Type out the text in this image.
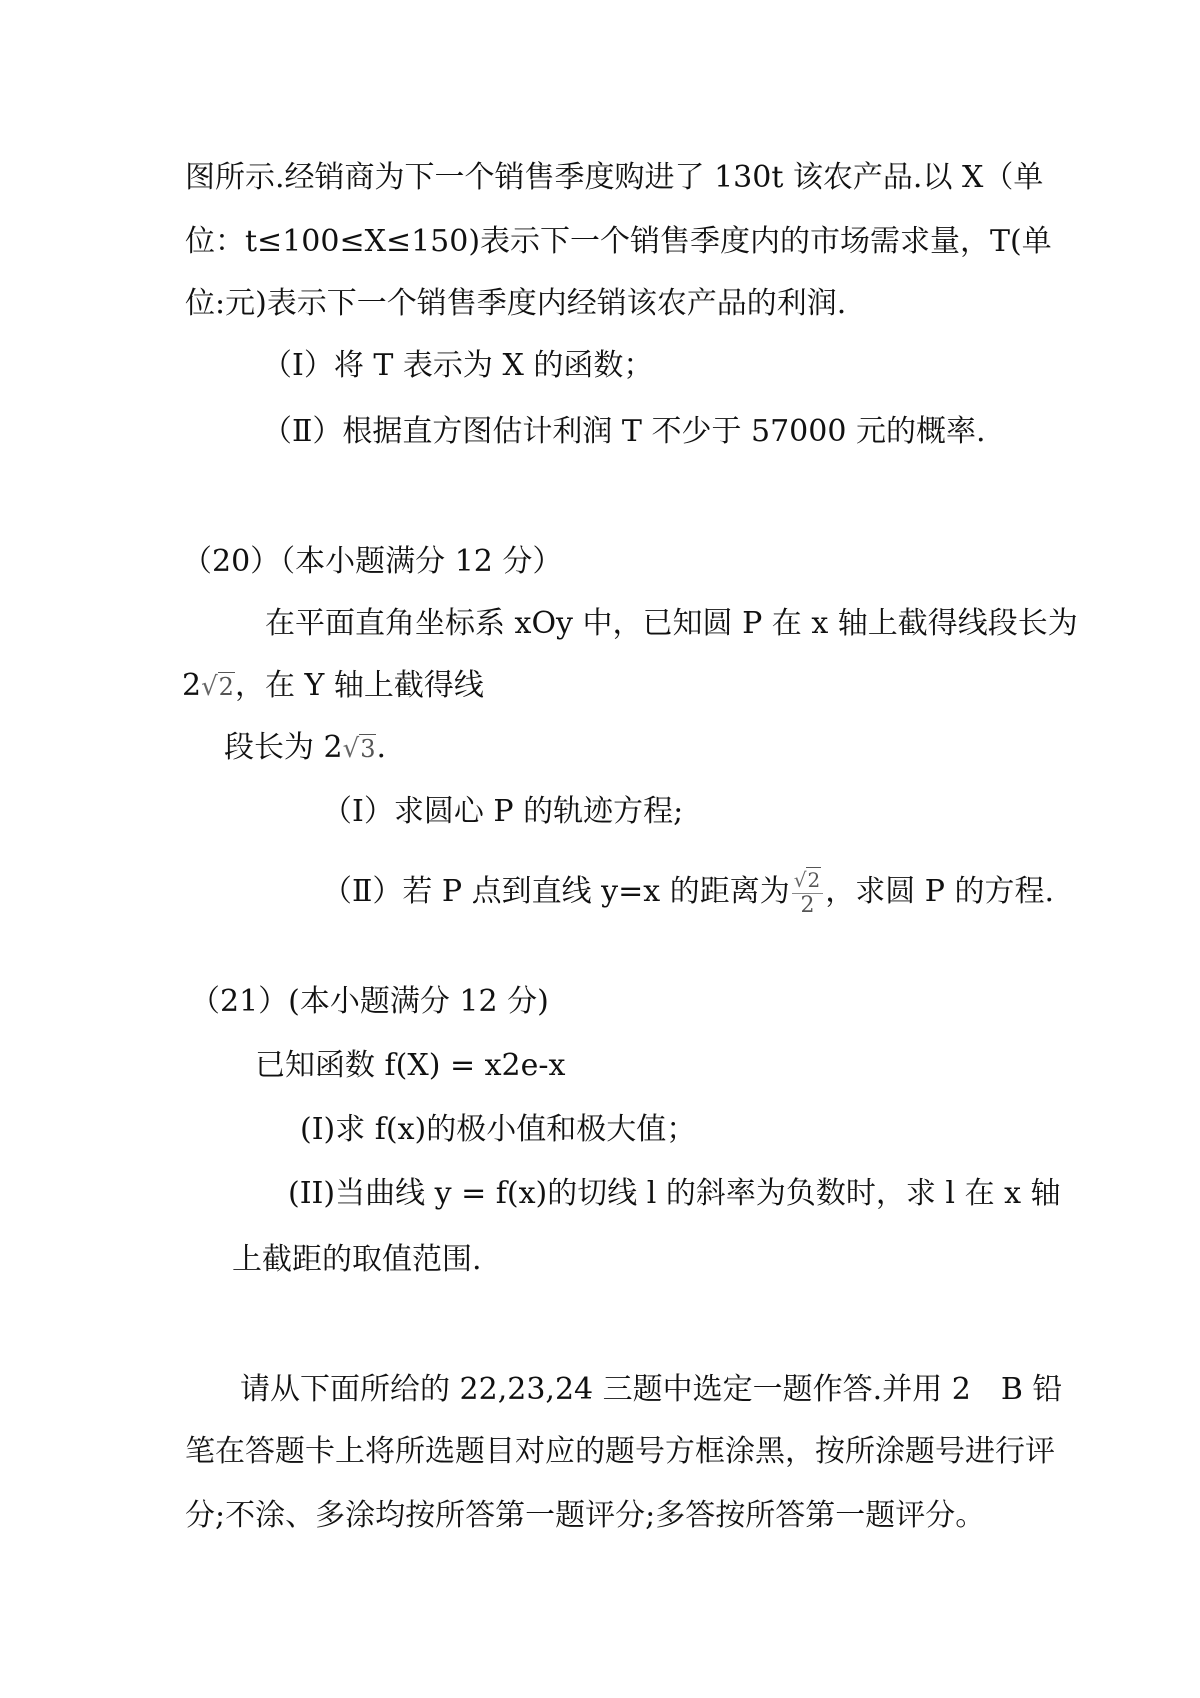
图所示.经销商为下一个销售季度购进了 130t 该农产品.以 X（单
位：t≤100≤X≤150)表示下一个销售季度内的市场需求量，T(单
位:元)表示下一个销售季度内经销该农产品的利润.
（Ⅰ）将 T 表示为 X 的函数；
（Ⅱ）根据直方图估计利润 T 不少于 57000 元的概率.
（20）（本小题满分 12 分）
在平面直角坐标系 xOy 中，已知圆 P 在 x 轴上截得线段长为
2√2，在 Y 轴上截得线
段长为 2√3.
（Ⅰ）求圆心 P 的轨迹方程;
（Ⅱ）若 P 点到直线 y=x 的距离为 $\frac{√2}{2}$ ，求圆 P 的方程.
（21）(本小题满分 12 分)
已知函数 f(X) = x2e-x
(I)求 f(x)的极小值和极大值；
(II)当曲线 y = f(x)的切线 l 的斜率为负数时，求 l 在 x 轴
上截距的取值范围.
请从下面所给的 22,23,24 三题中选定一题作答.并用 2　B 铅
笔在答题卡上将所选题目对应的题号方框涂黑，按所涂题号进行评
分;不涂、多涂均按所答第一题评分;多答按所答第一题评分。
